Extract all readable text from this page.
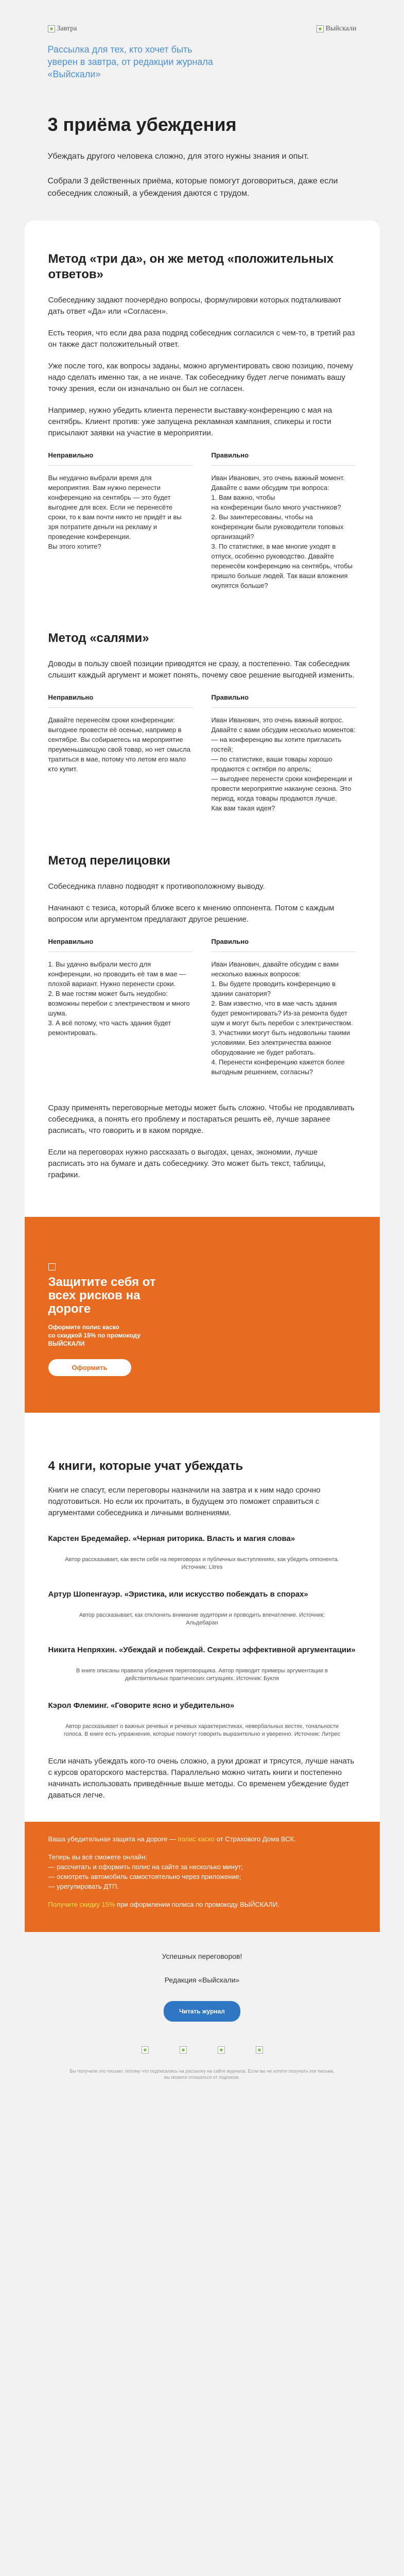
Завтра	Выйскали
Рассылка для тех, кто хочет быть уверен в завтра, от редакции журнала «Выйскали»
3 приёма убеждения

Убеждать другого человека сложно, для этого нужны знания и опыт.

Собрали 3 действенных приёма, которые помогут договориться, даже если собеседник сложный, а убеждения даются с трудом.

Метод «три да», он же метод «положительных ответов»

Собеседнику задают поочерёдно вопросы, формулировки которых подталкивают дать ответ «Да» или «Согласен».

Есть теория, что если два раза подряд собеседник согласился с чем-то, в третий раз он также даст положительный ответ.

Уже после того, как вопросы заданы, можно аргументировать свою позицию, почему надо сделать именно так, а не иначе. Так собеседнику будет легче понимать вашу точку зрения, если он изначально он был не согласен.

Например, нужно убедить клиента перенести выставку-конференцию с мая на сентябрь. Клиент против: уже запущена рекламная кампания, спикеры и гости присылают заявки на участие в мероприятии.

Неправильно
Вы неудачно выбрали время для мероприятия. Вам нужно перенести конференцию на сентябрь — это будет выгоднее для всех. Если не перенесёте сроки, то к вам почти никто не придёт и вы зря потратите деньги на рекламу и проведение конференции.
Вы этого хотите?
Правильно
Иван Иванович, это очень важный момент. Давайте с вами обсудим три вопроса:
1. Вам важно, чтобы
на конференции было много участников?
2. Вы заинтересованы, чтобы на конференции были руководители топовых организаций?
3. По статистике, в мае многие уходят в отпуск, особенно руководство. Давайте перенесём конференцию на сентябрь, чтобы пришло больше людей. Так ваши вложения окупятся больше?
Метод «салями»

Доводы в пользу своей позиции приводятся не сразу, а постепенно. Так собеседник слышит каждый аргумент и может понять, почему свое решение выгодней изменить.

Неправильно
Давайте перенесём сроки конференции: выгоднее провести её осенью, например в сентябре. Вы собираетесь на мероприятие преуменьшающую свой товар, но нет смысла тратиться в мае, потому что летом его мало кто купит.
Правильно
Иван Иванович, это очень важный вопрос. Давайте с вами обсудим несколько моментов:
— на конференцию вы хотите пригласить гостей;
— по статистике, ваши товары хорошо продаются с октября по апрель;
— выгоднее перенести сроки конференции и провести мероприятие накануне сезона. Это период, когда товары продаются лучше.
Как вам такая идея?
Метод перелицовки

Собеседника плавно подводят к противоположному выводу.

Начинают с тезиса, который ближе всего к мнению оппонента. Потом с каждым вопросом или аргументом предлагают другое решение.

Неправильно
1. Вы удачно выбрали место для конференции, но проводить её там в мае — плохой вариант. Нужно перенести сроки.
2. В мае гостям может быть неудобно: возможны перебои с электричеством и много шума.
3. А всё потому, что часть здания будет ремонтировать.
Правильно
Иван Иванович, давайте обсудим с вами несколько важных вопросов:
1. Вы будете проводить конференцию в здании санатория?
2. Вам известно, что в мае часть здания будет ремонтировать? Из-за ремонта будет шум и могут быть перебои с электричеством.
3. Участники могут быть недовольны такими условиями. Без электричества важное оборудование не будет работать.
4. Перенести конференцию кажется более выгодным решением, согласны?

Сразу применять переговорные методы может быть сложно. Чтобы не продавливать собеседника, а понять его проблему и постараться решить её, лучше заранее расписать, что говорить и в каком порядке.

Если на переговорах нужно рассказать о выгодах, ценах, экономии, лучше расписать это на бумаге и дать собеседнику. Это может быть текст, таблицы, графики.

Защитите себя от всех рисков на дороге
Оформите полис каско
со скидкой 15% по промокоду
ВЫЙСКАЛИ
Оформить
4 книги, которые учат убеждать

Книги не спасут, если переговоры назначили на завтра и к ним надо срочно подготовиться. Но если их прочитать, в будущем это поможет справиться с аргументами собеседника и личными волнениями.

Карстен Бредемайер. «Черная риторика. Власть и магия слова»
Автор рассказывает, как вести себя на переговорах и публичных выступлениях, как убедить оппонента. Источник: Litres
Артур Шопенгауэр. «Эристика, или искусство побеждать в спорах»
Автор рассказывает, как отклонить внимание аудитории и проводить впечатление. Источник: Альдебаран
Никита Непряхин. «Убеждай и побеждай. Секреты эффективной аргументации»
В книге описаны правила убеждения переговорщика. Автор приводит примеры аргументации в действительных практических ситуациях. Источник: Букля
Кэрол Флеминг. «Говорите ясно и убедительно»
Автор рассказывает о важных речевых и речевых характеристиках, невербальных вестях, тональности голоса. В книге есть упражнения, которые помогут говорить выразительно и уверенно. Источник: Литрес

Если начать убеждать кого-то очень сложно, а руки дрожат и трясутся, лучше начать с курсов ораторского мастерства. Параллельно можно читать книги и постепенно начинать использовать приведённые выше методы. Со временем убеждение будет даваться легче.

Ваша убедительная защита на дороге — полис каско от Страхового Дома ВСК.

Теперь вы всё сможете онлайн:
— рассчитать и оформить полис на сайте за несколько минут;
— осмотреть автомобиль самостоятельно через приложение;
— урегулировать ДТП.

Получите скидку 15% при оформлении полиса по промокоду ВЫЙСКАЛИ.

Успешных переговоров!

Редакция «Выйскали»

Читать журнал
Вы получили это письмо, потому что подписались на рассылку на сайте журнала. Если вы не хотите получать эти письма, вы можете отказаться от подписки.
